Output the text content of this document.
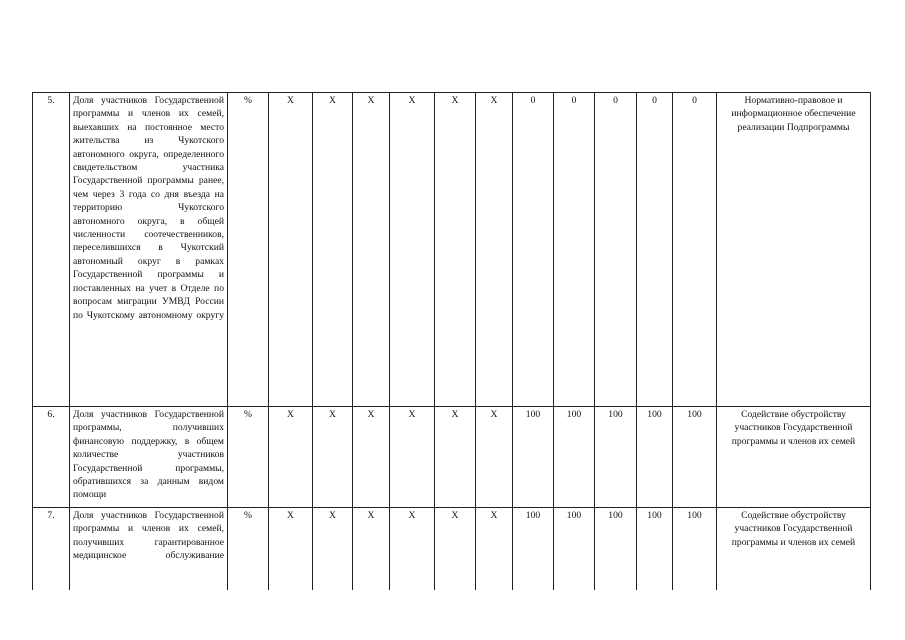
5.	Доля участников Государственной программы и членов их семей, выехавших на постоянное место жительства из Чукотского автономного округа, определенного свидетельством участника Государственной программы ранее, чем через 3 года со дня въезда на территорию Чукотского автономного округа, в общей численности соотечественников, переселившихся в Чукотский автономный округ в рамках Государственной программы и поставленных на учет в Отделе по вопросам миграции УМВД России по Чукотскому автономному округу	%	Х	Х	Х	Х	Х	Х	0	0	0	0	0	Нормативно-правовое и информационное обеспечение реализации Подпрограммы
6.	Доля участников Государственной программы, получивших финансовую поддержку, в общем количестве участников Государственной программы, обратившихся за данным видом помощи	%	Х	Х	Х	Х	Х	Х	100	100	100	100	100	Содействие обустройству участников Государственной программы и членов их семей
7.	Доля участников Государственной программы и членов их семей, получивших гарантированное медицинское обслуживание	%	Х	Х	Х	Х	Х	Х	100	100	100	100	100	Содействие обустройству участников Государственной программы и членов их семей
